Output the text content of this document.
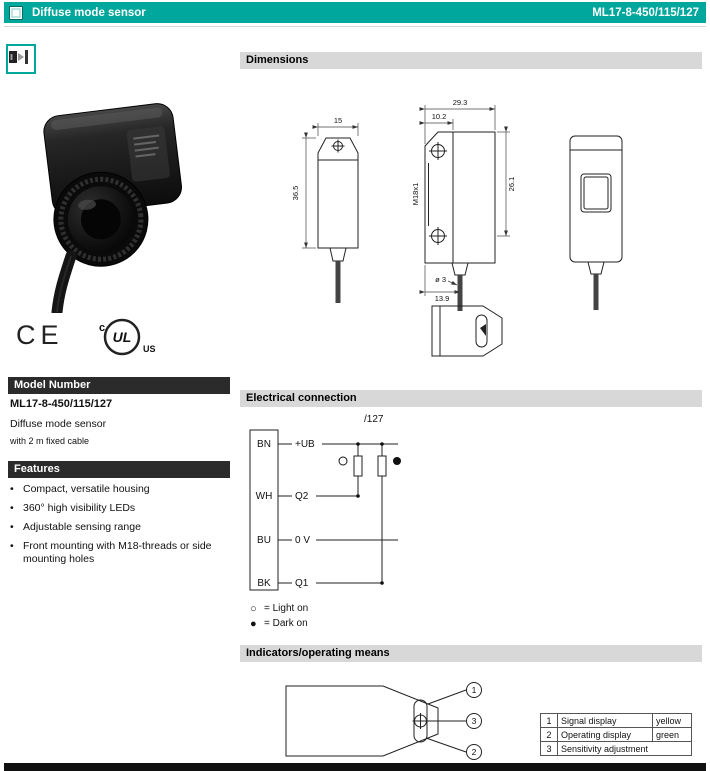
Diffuse mode sensor	ML17-8-450/115/127
CE	UL
c
US
Model Number
ML17-8-450/115/127
Diffuse mode sensor
with 2 m fixed cable
Features
• Compact, versatile housing
• 360° high visibility LEDs
• Adjustable sensing range
• Front mounting with M18-threads or side mounting holes
Dimensions
15
36.5
29.3
10.2
M18x1	26.1
ø 3
13.9
Electrical connection
/127
BN
WH
BU
BK
+UB
Q2
0 V
Q1
○ = Light on
● = Dark on
Indicators/operating means
1
3
2
1	Signal display	yellow
2	Operating display	green
3	Sensitivity adjustment	
